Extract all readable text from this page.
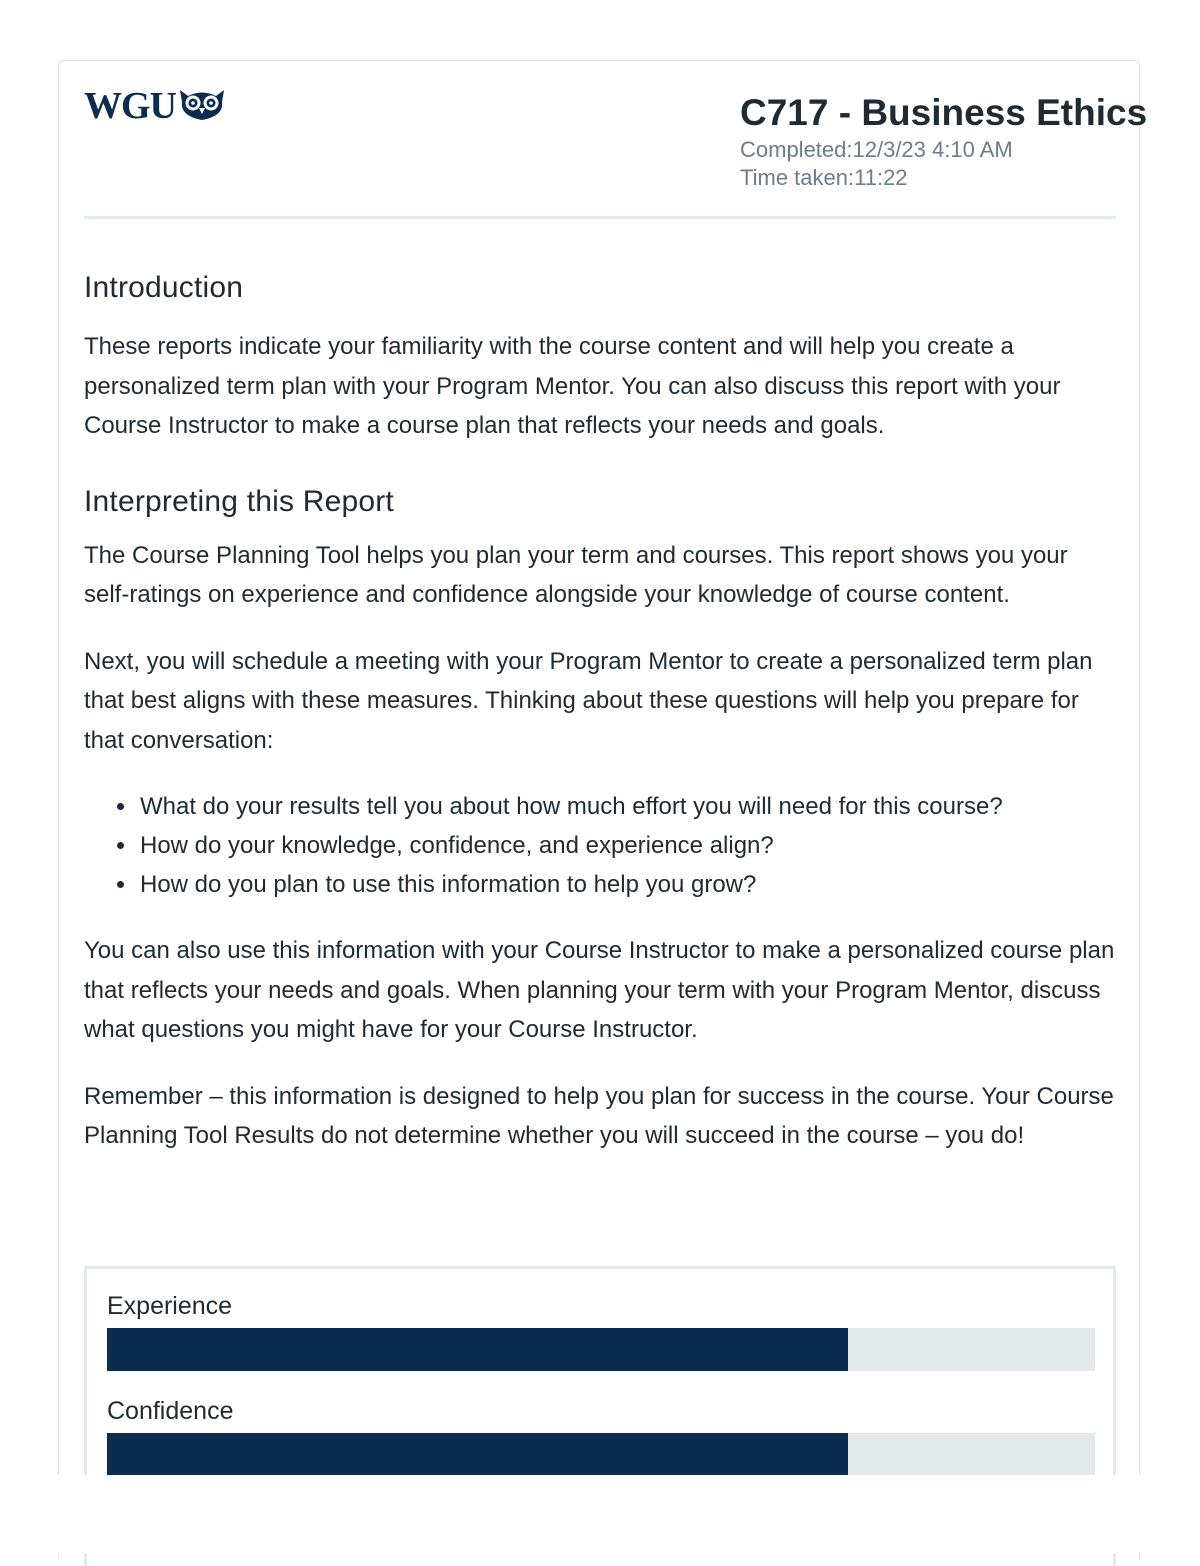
WGU	C717 - Business Ethics

Completed:12/3/23 4:10 AM

Time taken:11:22

Introduction

These reports indicate your familiarity with the course content and will help you create a personalized term plan with your Program Mentor. You can also discuss this report with your Course Instructor to make a course plan that reflects your needs and goals.

Interpreting this Report

The Course Planning Tool helps you plan your term and courses. This report shows you your self-ratings on experience and confidence alongside your knowledge of course content.

Next, you will schedule a meeting with your Program Mentor to create a personalized term plan that best aligns with these measures. Thinking about these questions will help you prepare for that conversation:

• What do your results tell you about how much effort you will need for this course?
• How do your knowledge, confidence, and experience align?
• How do you plan to use this information to help you grow?

You can also use this information with your Course Instructor to make a personalized course plan that reflects your needs and goals. When planning your term with your Program Mentor, discuss what questions you might have for your Course Instructor.

Remember – this information is designed to help you plan for success in the course. Your Course Planning Tool Results do not determine whether you will succeed in the course – you do!

Experience
Confidence
